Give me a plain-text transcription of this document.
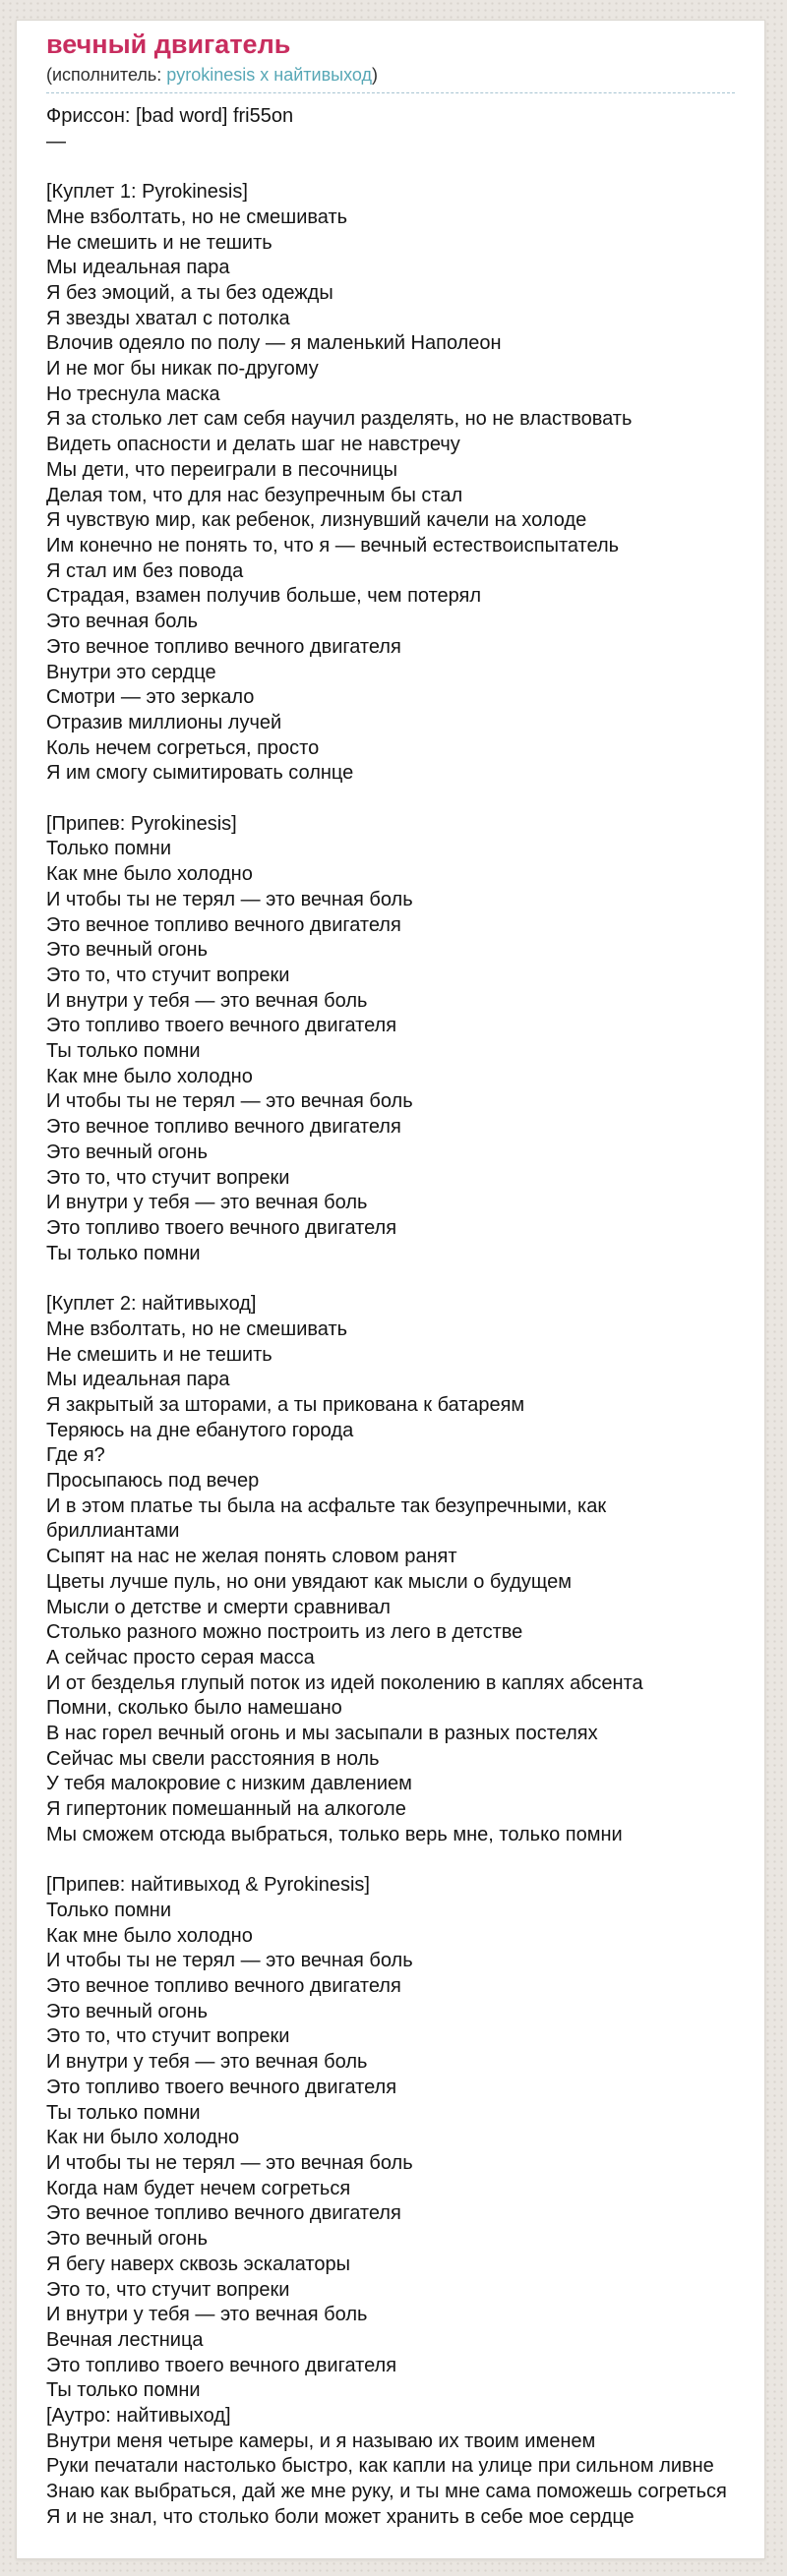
вечный двигатель
(исполнитель: pyrokinesis х найтивыход)
Фриссон: [bad word] fri55on
—

[Куплет 1: Pyrokinesis]
Мне взболтать, но не смешивать
Не смешить и не тешить
Мы идеальная пара
Я без эмоций, а ты без одежды
Я звезды хватал с потолка
Влочив одеяло по полу — я маленький Наполеон
И не мог бы никак по-другому
Но треснула маска
Я за столько лет сам себя научил разделять, но не властвовать
Видеть опасности и делать шаг не навстречу
Мы дети, что переиграли в песочницы
Делая том, что для нас безупречным бы стал
Я чувствую мир, как ребенок, лизнувший качели на холоде
Им конечно не понять то, что я — вечный естествоиспытатель
Я стал им без повода
Страдая, взамен получив больше, чем потерял
Это вечная боль
Это вечное топливо вечного двигателя
Внутри это сердце
Смотри — это зеркало
Отразив миллионы лучей
Коль нечем согреться, просто
Я им смогу сымитировать солнце

[Припев: Pyrokinesis]
Только помни
Как мне было холодно
И чтобы ты не терял — это вечная боль
Это вечное топливо вечного двигателя
Это вечный огонь
Это то, что стучит вопреки
И внутри у тебя — это вечная боль
Это топливо твоего вечного двигателя
Ты только помни
Как мне было холодно
И чтобы ты не терял — это вечная боль
Это вечное топливо вечного двигателя
Это вечный огонь
Это то, что стучит вопреки
И внутри у тебя — это вечная боль
Это топливо твоего вечного двигателя
Ты только помни

[Куплет 2: найтивыход]
Мне взболтать, но не смешивать
Не смешить и не тешить
Мы идеальная пара
Я закрытый за шторами, а ты прикована к батареям
Теряюсь на дне ебанутого города
Где я?
Просыпаюсь под вечер
И в этом платье ты была на асфальте так безупречными, как бриллиантами
Сыпят на нас не желая понять словом ранят
Цветы лучше пуль, но они увядают как мысли о будущем
Мысли о детстве и смерти сравнивал
Столько разного можно построить из лего в детстве
А сейчас просто серая масса
И от безделья глупый поток из идей поколению в каплях абсента
Помни, сколько было намешано
В нас горел вечный огонь и мы засыпали в разных постелях
Сейчас мы свели расстояния в ноль
У тебя малокровие с низким давлением
Я гипертоник помешанный на алкоголе
Мы сможем отсюда выбраться, только верь мне, только помни

[Припев: найтивыход & Pyrokinesis]
Только помни
Как мне было холодно
И чтобы ты не терял — это вечная боль
Это вечное топливо вечного двигателя
Это вечный огонь
Это то, что стучит вопреки
И внутри у тебя — это вечная боль
Это топливо твоего вечного двигателя
Ты только помни
Как ни было холодно
И чтобы ты не терял — это вечная боль
Когда нам будет нечем согреться
Это вечное топливо вечного двигателя
Это вечный огонь
Я бегу наверх сквозь эскалаторы
Это то, что стучит вопреки
И внутри у тебя — это вечная боль
Вечная лестница
Это топливо твоего вечного двигателя
Ты только помни
[Аутро: найтивыход]
Внутри меня четыре камеры, и я называю их твоим именем
Руки печатали настолько быстро, как капли на улице при сильном ливне
Знаю как выбраться, дай же мне руку, и ты мне сама поможешь согреться
Я и не знал, что столько боли может хранить в себе мое сердце
